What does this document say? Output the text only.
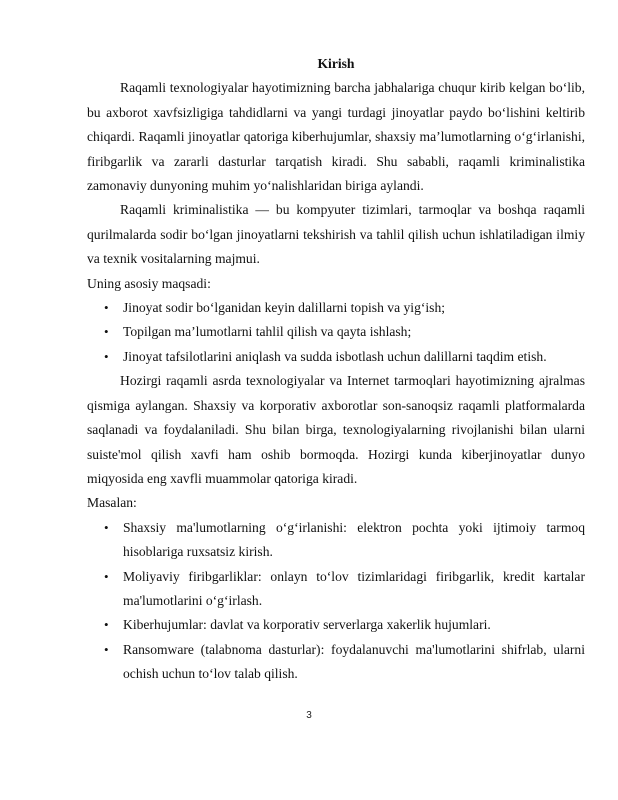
Kirish

Raqamli texnologiyalar hayotimizning barcha jabhalariga chuqur kirib kelgan bo‘lib, bu axborot xavfsizligiga tahdidlarni va yangi turdagi jinoyatlar paydo bo‘lishini keltirib chiqardi. Raqamli jinoyatlar qatoriga kiberhujumlar, shaxsiy ma’lumotlarning o‘g‘irlanishi, firibgarlik va zararli dasturlar tarqatish kiradi. Shu sababli, raqamli kriminalistika zamonaviy dunyoning muhim yo‘nalishlaridan biriga aylandi.

Raqamli kriminalistika — bu kompyuter tizimlari, tarmoqlar va boshqa raqamli qurilmalarda sodir bo‘lgan jinoyatlarni tekshirish va tahlil qilish uchun ishlatiladigan ilmiy va texnik vositalarning majmui.

Uning asosiy maqsadi:

• Jinoyat sodir bo‘lganidan keyin dalillarni topish va yig‘ish;
• Topilgan ma’lumotlarni tahlil qilish va qayta ishlash;
• Jinoyat tafsilotlarini aniqlash va sudda isbotlash uchun dalillarni taqdim etish.

Hozirgi raqamli asrda texnologiyalar va Internet tarmoqlari hayotimizning ajralmas qismiga aylangan. Shaxsiy va korporativ axborotlar son-sanoqsiz raqamli platformalarda saqlanadi va foydalaniladi. Shu bilan birga, texnologiyalarning rivojlanishi bilan ularni suiste'mol qilish xavfi ham oshib bormoqda. Hozirgi kunda kiberjinoyatlar dunyo miqyosida eng xavfli muammolar qatoriga kiradi.

Masalan:

• Shaxsiy ma'lumotlarning o‘g‘irlanishi: elektron pochta yoki ijtimoiy tarmoq hisoblariga ruxsatsiz kirish.
• Moliyaviy firibgarliklar: onlayn to‘lov tizimlaridagi firibgarlik, kredit kartalar ma'lumotlarini o‘g‘irlash.
• Kiberhujumlar: davlat va korporativ serverlarga xakerlik hujumlari.
• Ransomware (talabnoma dasturlar): foydalanuvchi ma'lumotlarini shifrlab, ularni ochish uchun to‘lov talab qilish.
3
